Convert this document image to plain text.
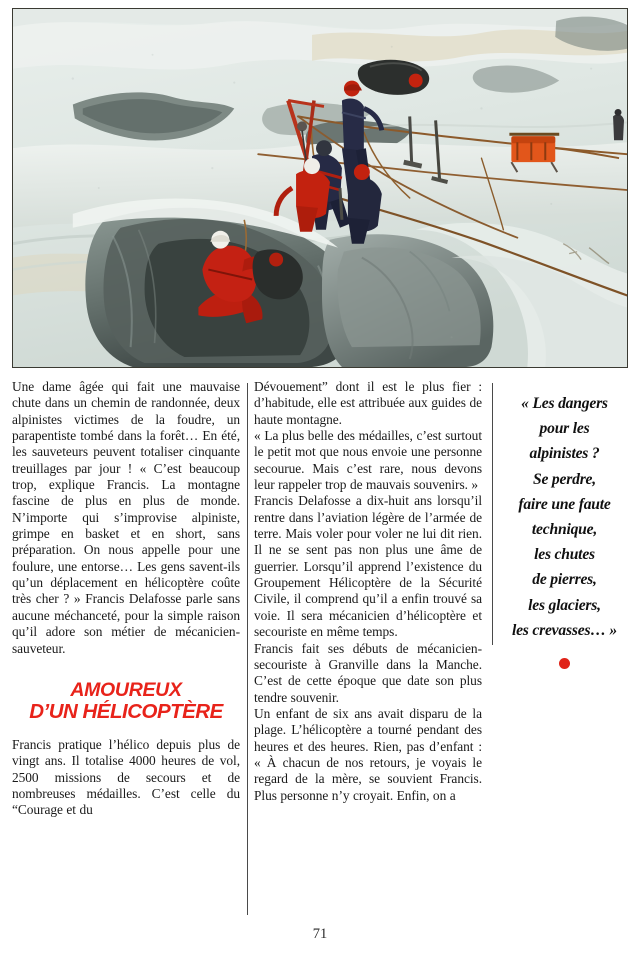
Une dame âgée qui fait une mauvaise chute dans un chemin de randonnée, deux alpinistes victimes de la foudre, un parapentiste tombé dans la forêt… En été, les sauveteurs peuvent totaliser cinquante treuillages par jour ! « C’est beaucoup trop, explique Francis. La montagne fascine de plus en plus de monde. N’importe qui s’improvise alpiniste, grimpe en basket et en short, sans préparation. On nous appelle pour une foulure, une entorse… Les gens savent-ils qu’un déplacement en hélicoptère coûte très cher ? » Francis Delafosse parle sans aucune méchanceté, pour la simple raison qu’il adore son métier de mécanicien-sauveteur.

AMOUREUX
D’UN HÉLICOPTÈRE

Francis pratique l’hélico depuis plus de vingt ans. Il totalise 4000 heures de vol, 2500 missions de secours et de nombreuses médailles. C’est celle du “Courage et du

Dévouement” dont il est le plus fier : d’habitude, elle est attribuée aux guides de haute montagne.

« La plus belle des médailles, c’est surtout le petit mot que nous envoie une personne secourue. Mais c’est rare, nous devons leur rappeler trop de mauvais souvenirs. »

Francis Delafosse a dix-huit ans lorsqu’il rentre dans l’aviation légère de l’armée de terre. Mais voler pour voler ne lui dit rien. Il ne se sent pas non plus une âme de guerrier. Lorsqu’il apprend l’existence du Groupement Hélicoptère de la Sécurité Civile, il comprend qu’il a enfin trouvé sa voie. Il sera mécanicien d’hélicoptère et secouriste en même temps.

Francis fait ses débuts de mécanicien-secouriste à Granville dans la Manche. C’est de cette époque que date son plus tendre souvenir.

Un enfant de six ans avait disparu de la plage. L’hélicoptère a tourné pendant des heures et des heures. Rien, pas d’enfant : « À chacun de nos retours, je voyais le regard de la mère, se souvient Francis. Plus personne n’y croyait. Enfin, on a

« Les dangers
pour les
alpinistes ?
Se perdre,
faire une faute
technique,
les chutes
de pierres,
les glaciers,
les crevasses… »
71
